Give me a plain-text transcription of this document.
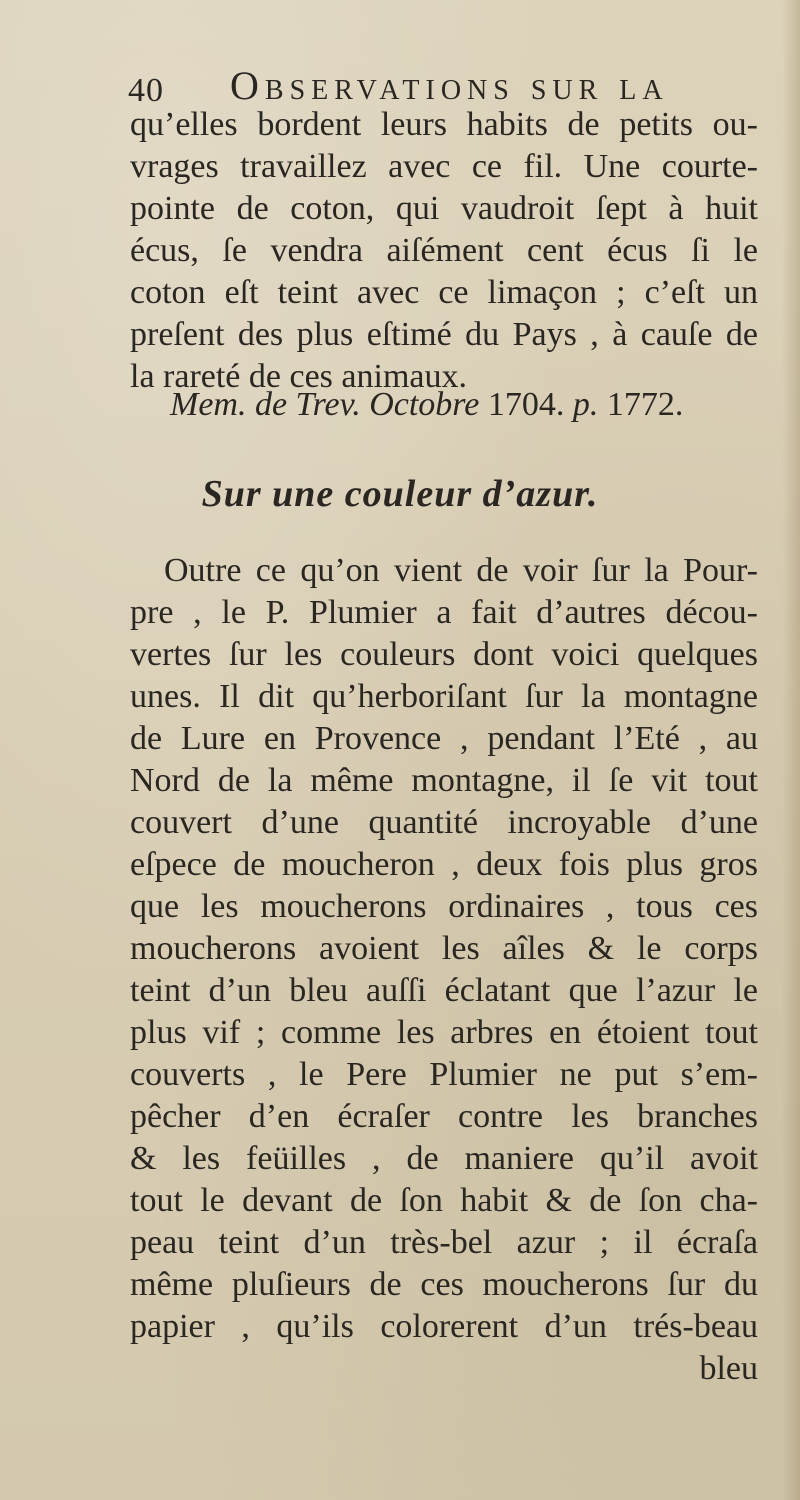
40 Observations sur la
qu’elles bordent leurs habits de petits ou-
vrages travaillez avec ce fil. Une courte-
pointe de coton, qui vaudroit ſept à huit
écus, ſe vendra aiſément cent écus ſi le
coton eſt teint avec ce limaçon ; c’eſt un
preſent des plus eſtimé du Pays , à cauſe de
la rareté de ces animaux.
Mem. de Trev. Octobre 1704. p. 1772.
Sur une couleur d’azur.
Outre ce qu’on vient de voir ſur la Pour-
pre , le P. Plumier a fait d’autres décou-
vertes ſur les couleurs dont voici quelques
unes. Il dit qu’herboriſant ſur la montagne
de Lure en Provence , pendant l’Eté , au
Nord de la même montagne, il ſe vit tout
couvert d’une quantité incroyable d’une
eſpece de moucheron , deux fois plus gros
que les moucherons ordinaires , tous ces
moucherons avoient les aîles & le corps
teint d’un bleu auſſi éclatant que l’azur le
plus vif ; comme les arbres en étoient tout
couverts , le Pere Plumier ne put s’em-
pêcher d’en écraſer contre les branches
& les feüilles , de maniere qu’il avoit
tout le devant de ſon habit & de ſon cha-
peau teint d’un très-bel azur ; il écraſa
même pluſieurs de ces moucherons ſur du
papier , qu’ils colorerent d’un trés-beau
bleu
